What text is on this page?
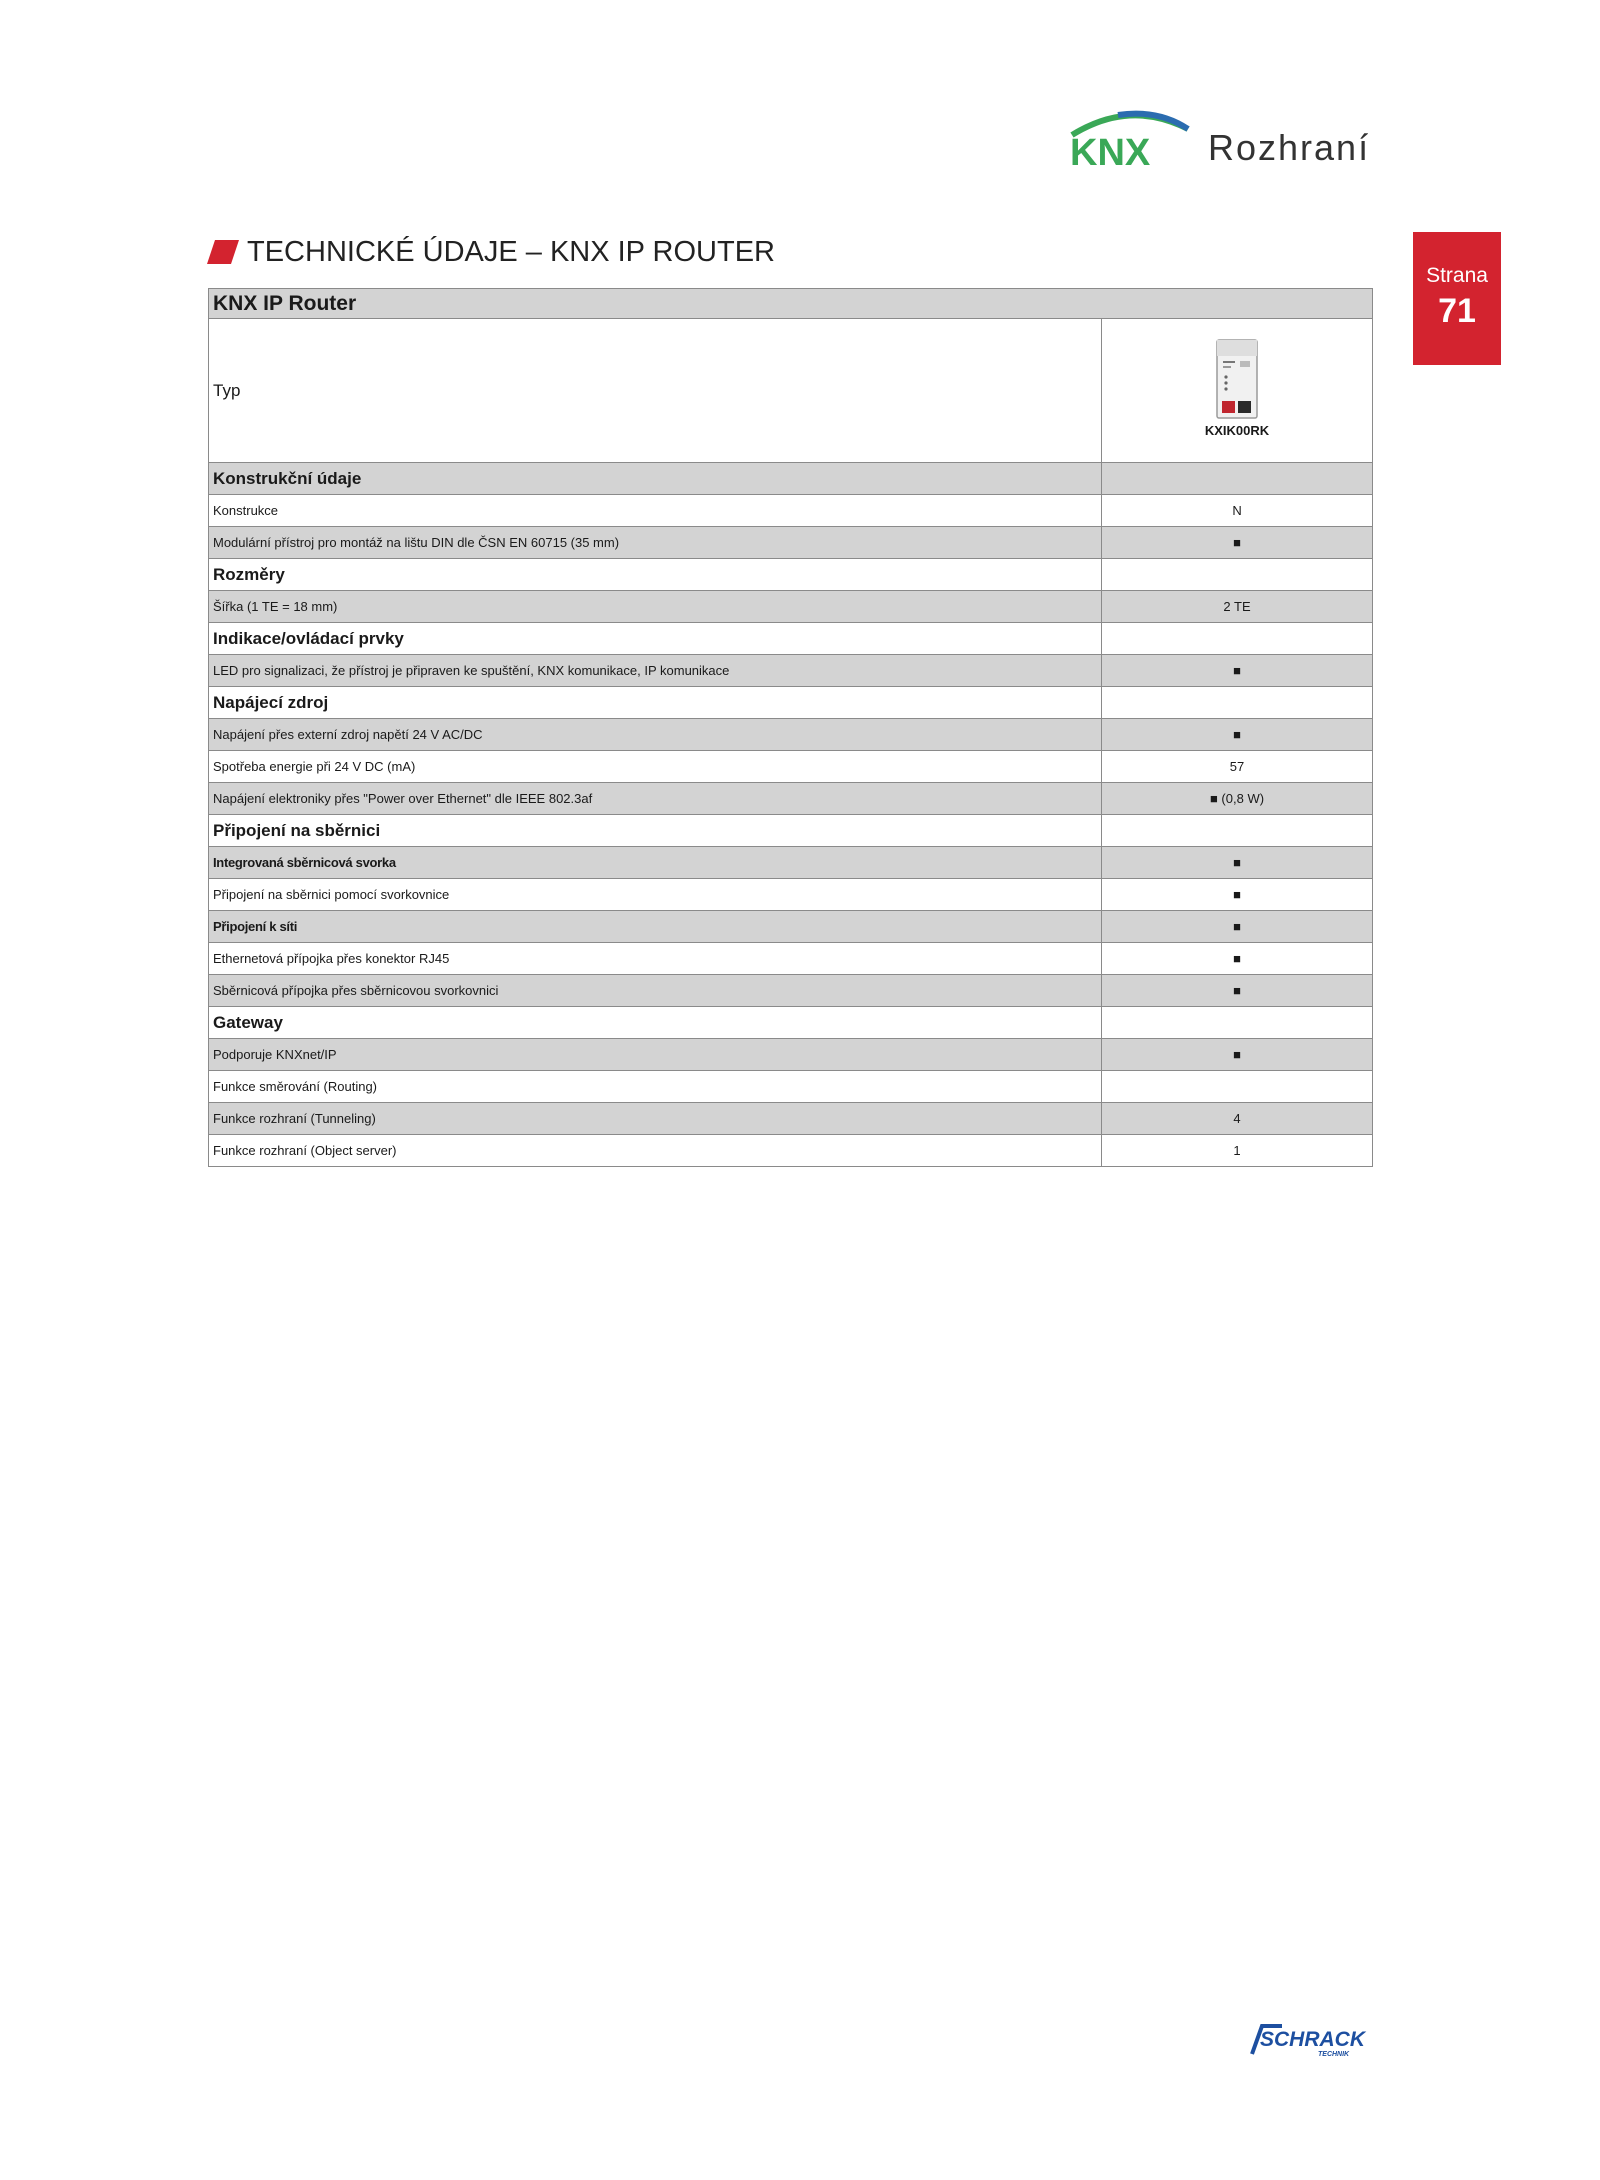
KNX Rozhraní
Strana
71
TECHNICKÉ ÚDAJE – KNX IP ROUTER
KNX IP Router	
Typ	KXIK00RK

Konstrukční údaje	
Konstrukce	N
Modulární přístroj pro montáž na lištu DIN dle ČSN EN 60715 (35 mm)	■
Rozměry	
Šířka (1 TE = 18 mm)	2 TE
Indikace/ovládací prvky	
LED pro signalizaci, že přístroj je připraven ke spuštění, KNX komunikace, IP komunikace	■
Napájecí zdroj	
Napájení přes externí zdroj napětí 24 V AC/DC	■
Spotřeba energie při 24 V DC (mA)	57
Napájení elektroniky přes "Power over Ethernet" dle IEEE 802.3af	■ (0,8 W)
Připojení na sběrnici	
Integrovaná sběrnicová svorka	■
Připojení na sběrnici pomocí svorkovnice	■
Připojení k síti	■
Ethernetová přípojka přes konektor RJ45	■
Sběrnicová přípojka přes sběrnicovou svorkovnici	■
Gateway	
Podporuje KNXnet/IP	■
Funkce směrování (Routing)	
Funkce rozhraní (Tunneling)	4
Funkce rozhraní (Object server)	1
SCHRACK
TECHNIK
